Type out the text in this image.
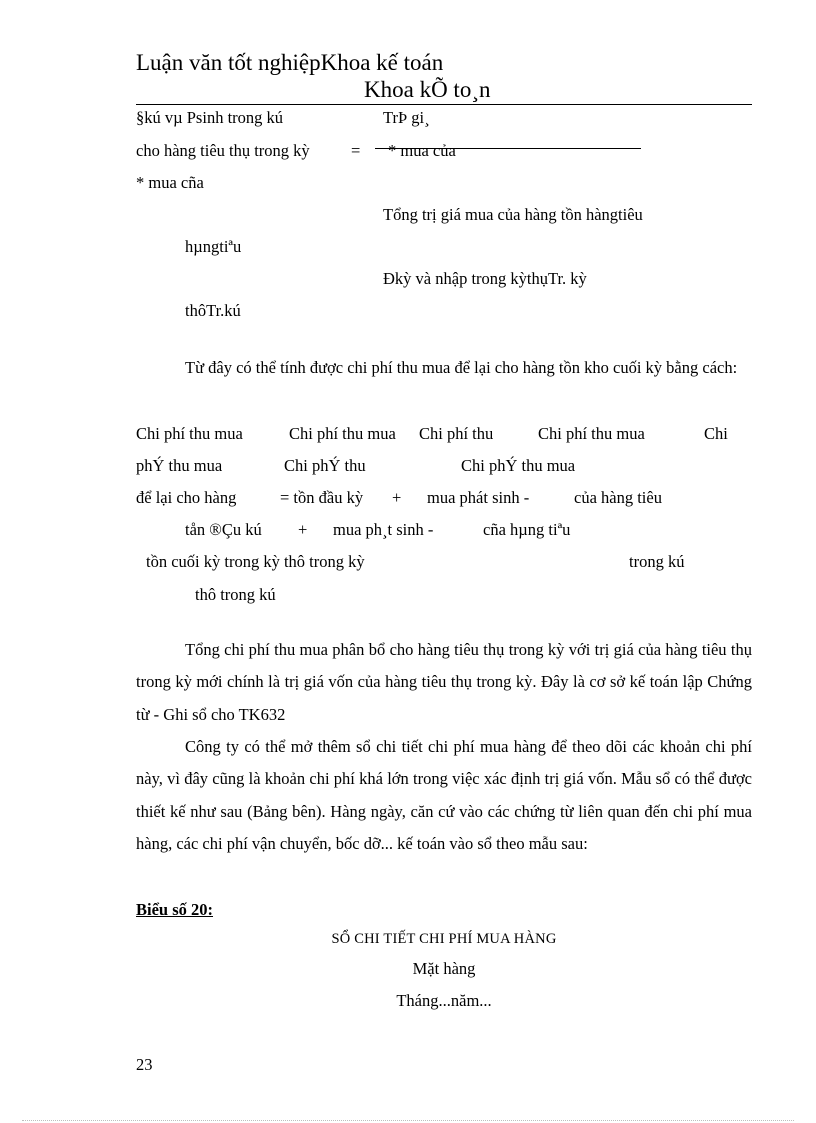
Luận văn tốt nghiệpKhoa kế toán
Khoa kÕ to¸n
§kú vµ Psinh trong kú	TrÞ gi¸
cho hàng tiêu thụ trong kỳ	= * mua của
* mua cña
Tổng trị giá mua của hàng tồn hàngtiêu
hµngtiªu
Đkỳ và nhập trong kỳthụTr. kỳ
thôTr.kú
Từ đây có thể tính được chi phí thu mua để lại cho hàng tồn kho cuối kỳ bằng cách:
Chi phí thu mua	Chi phí thu mua Chi phí thu	Chi phí thu mua	Chi
phÝ thu mua	Chi phÝ thu	Chi phÝ thu mua
để lại cho hàng	= tồn đầu kỳ + mua phát sinh -	của hàng tiêu
tån ®Çu kú + mua ph¸t sinh -	cña hµng tiªu
tồn cuối kỳ trong kỳ thô trong kỳ	trong kú
thô trong kú
Tổng chi phí thu mua phân bổ cho hàng tiêu thụ trong kỳ với trị giá của hàng tiêu thụ trong kỳ mới chính là trị giá vốn của hàng tiêu thụ trong kỳ. Đây là cơ sở kế toán lập Chứng từ - Ghi sổ cho TK632
Công ty có thể mở thêm sổ chi tiết chi phí mua hàng để theo dõi các khoản chi phí này, vì đây cũng là khoản chi phí khá lớn trong việc xác định trị giá vốn. Mẫu sổ có thể được thiết kế như sau (Bảng bên). Hàng ngày, căn cứ vào các chứng từ liên quan đến chi phí mua hàng, các chi phí vận chuyển, bốc dỡ... kế toán vào sổ theo mẫu sau:
Biểu số 20:
SỔ CHI TIẾT CHI PHÍ MUA HÀNG
Mặt hàng
Tháng...năm...
23
